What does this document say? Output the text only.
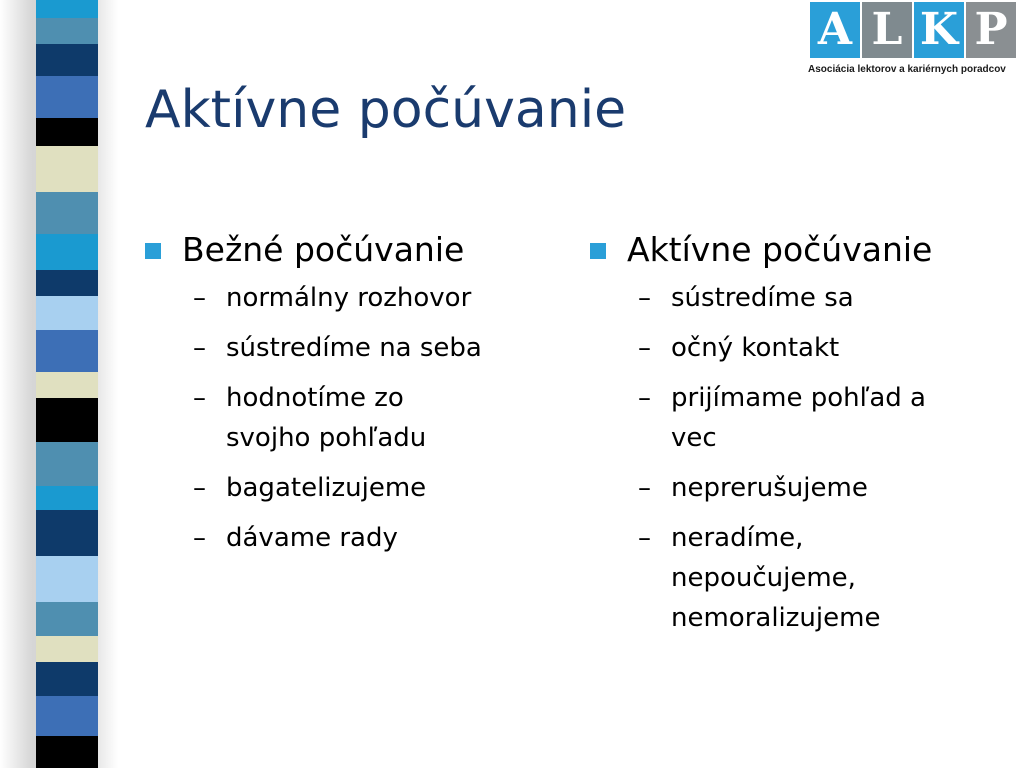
A L K P
Asociácia lektorov a kariérnych poradcov
Aktívne počúvanie
Bežné počúvanie
– normálny rozhovor
– sústredíme na seba
– hodnotíme zo svojho pohľadu
– bagatelizujeme
– dávame rady
Aktívne počúvanie
– sústredíme sa
– očný kontakt
– prijímame pohľad a vec
– neprerušujeme
– neradíme, nepoučujeme, nemoralizujeme
